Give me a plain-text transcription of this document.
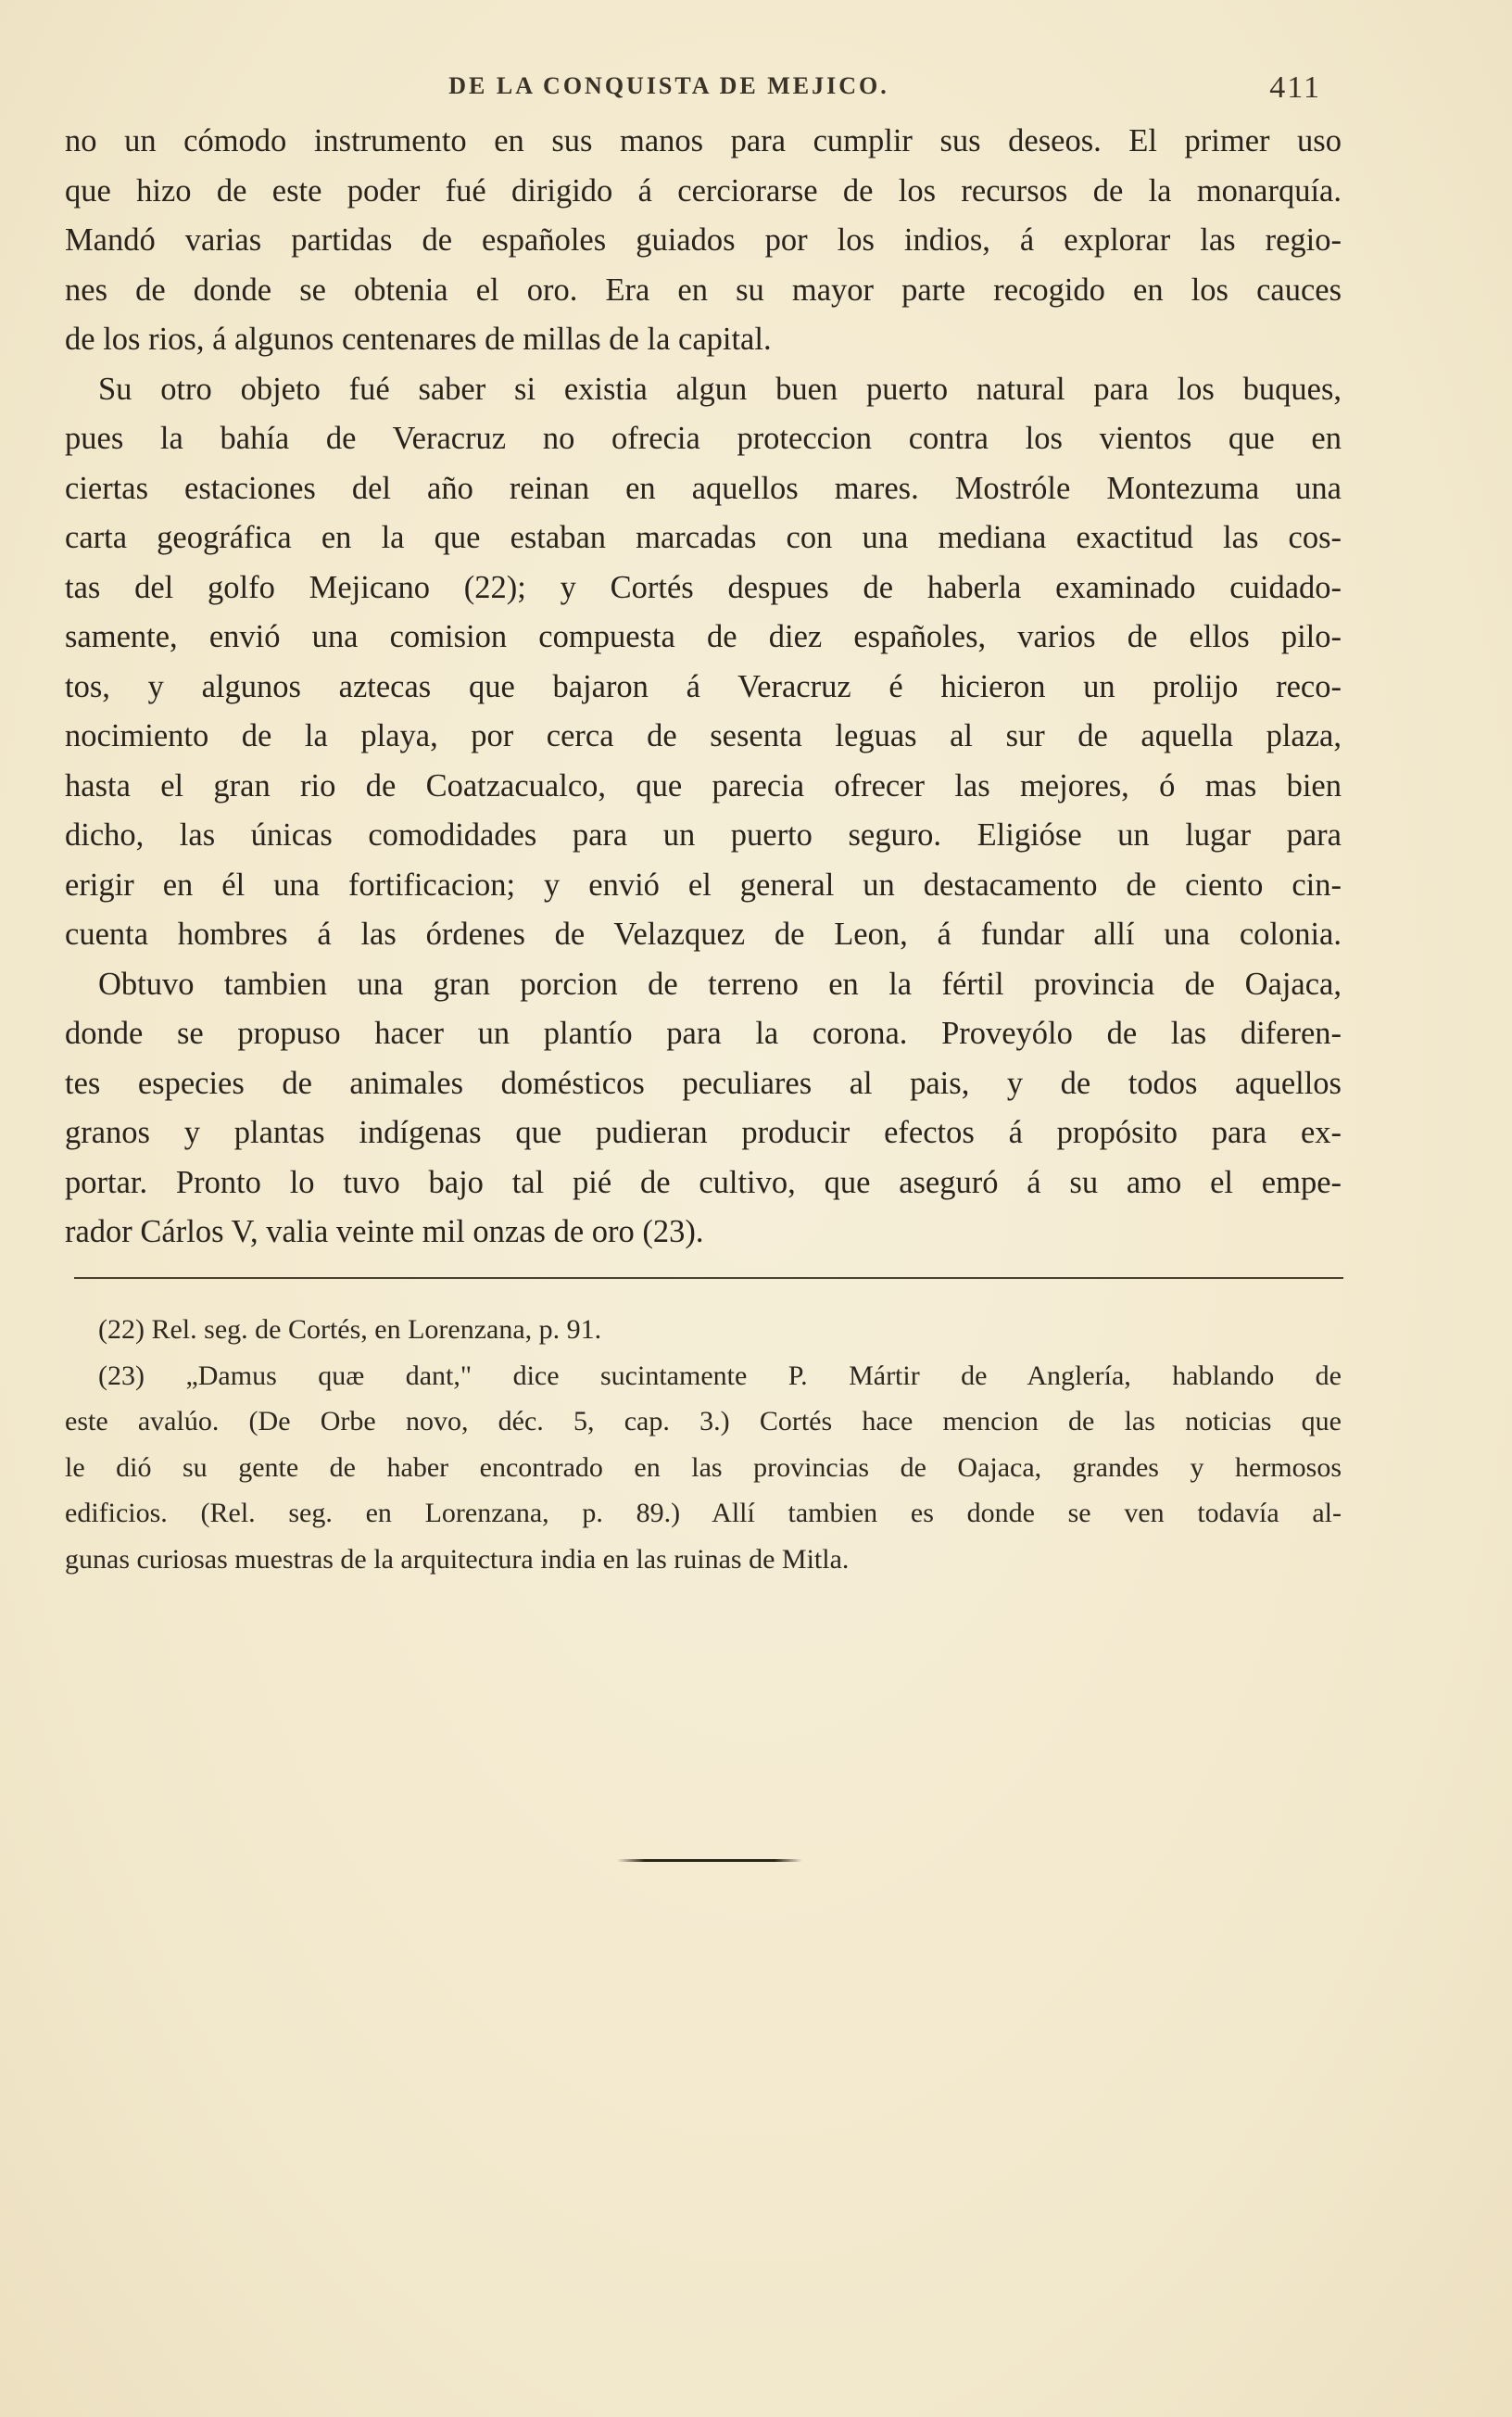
DE LA CONQUISTA DE MEJICO.	411
no un cómodo instrumento en sus manos para cumplir sus deseos. El primer uso
que hizo de este poder fué dirigido á cerciorarse de los recursos de la monarquía.
Mandó varias partidas de españoles guiados por los indios, á explorar las regio-
nes de donde se obtenia el oro. Era en su mayor parte recogido en los cauces
de los rios, á algunos centenares de millas de la capital.
Su otro objeto fué saber si existia algun buen puerto natural para los buques,
pues la bahía de Veracruz no ofrecia proteccion contra los vientos que en
ciertas estaciones del año reinan en aquellos mares. Mostróle Montezuma una
carta geográfica en la que estaban marcadas con una mediana exactitud las cos-
tas del golfo Mejicano (22); y Cortés despues de haberla examinado cuidado-
samente, envió una comision compuesta de diez españoles, varios de ellos pilo-
tos, y algunos aztecas que bajaron á Veracruz é hicieron un prolijo reco-
nocimiento de la playa, por cerca de sesenta leguas al sur de aquella plaza,
hasta el gran rio de Coatzacualco, que parecia ofrecer las mejores, ó mas bien
dicho, las únicas comodidades para un puerto seguro. Eligióse un lugar para
erigir en él una fortificacion; y envió el general un destacamento de ciento cin-
cuenta hombres á las órdenes de Velazquez de Leon, á fundar allí una colonia.
Obtuvo tambien una gran porcion de terreno en la fértil provincia de Oajaca,
donde se propuso hacer un plantío para la corona. Proveyólo de las diferen-
tes especies de animales domésticos peculiares al pais, y de todos aquellos
granos y plantas indígenas que pudieran producir efectos á propósito para ex-
portar. Pronto lo tuvo bajo tal pié de cultivo, que aseguró á su amo el empe-
rador Cárlos V, valia veinte mil onzas de oro (23).
(22) Rel. seg. de Cortés, en Lorenzana, p. 91.
(23) „Damus quæ dant," dice sucintamente P. Mártir de Anglería, hablando de
este avalúo. (De Orbe novo, déc. 5, cap. 3.) Cortés hace mencion de las noticias que
le dió su gente de haber encontrado en las provincias de Oajaca, grandes y hermosos
edificios. (Rel. seg. en Lorenzana, p. 89.) Allí tambien es donde se ven todavía al-
gunas curiosas muestras de la arquitectura india en las ruinas de Mitla.
